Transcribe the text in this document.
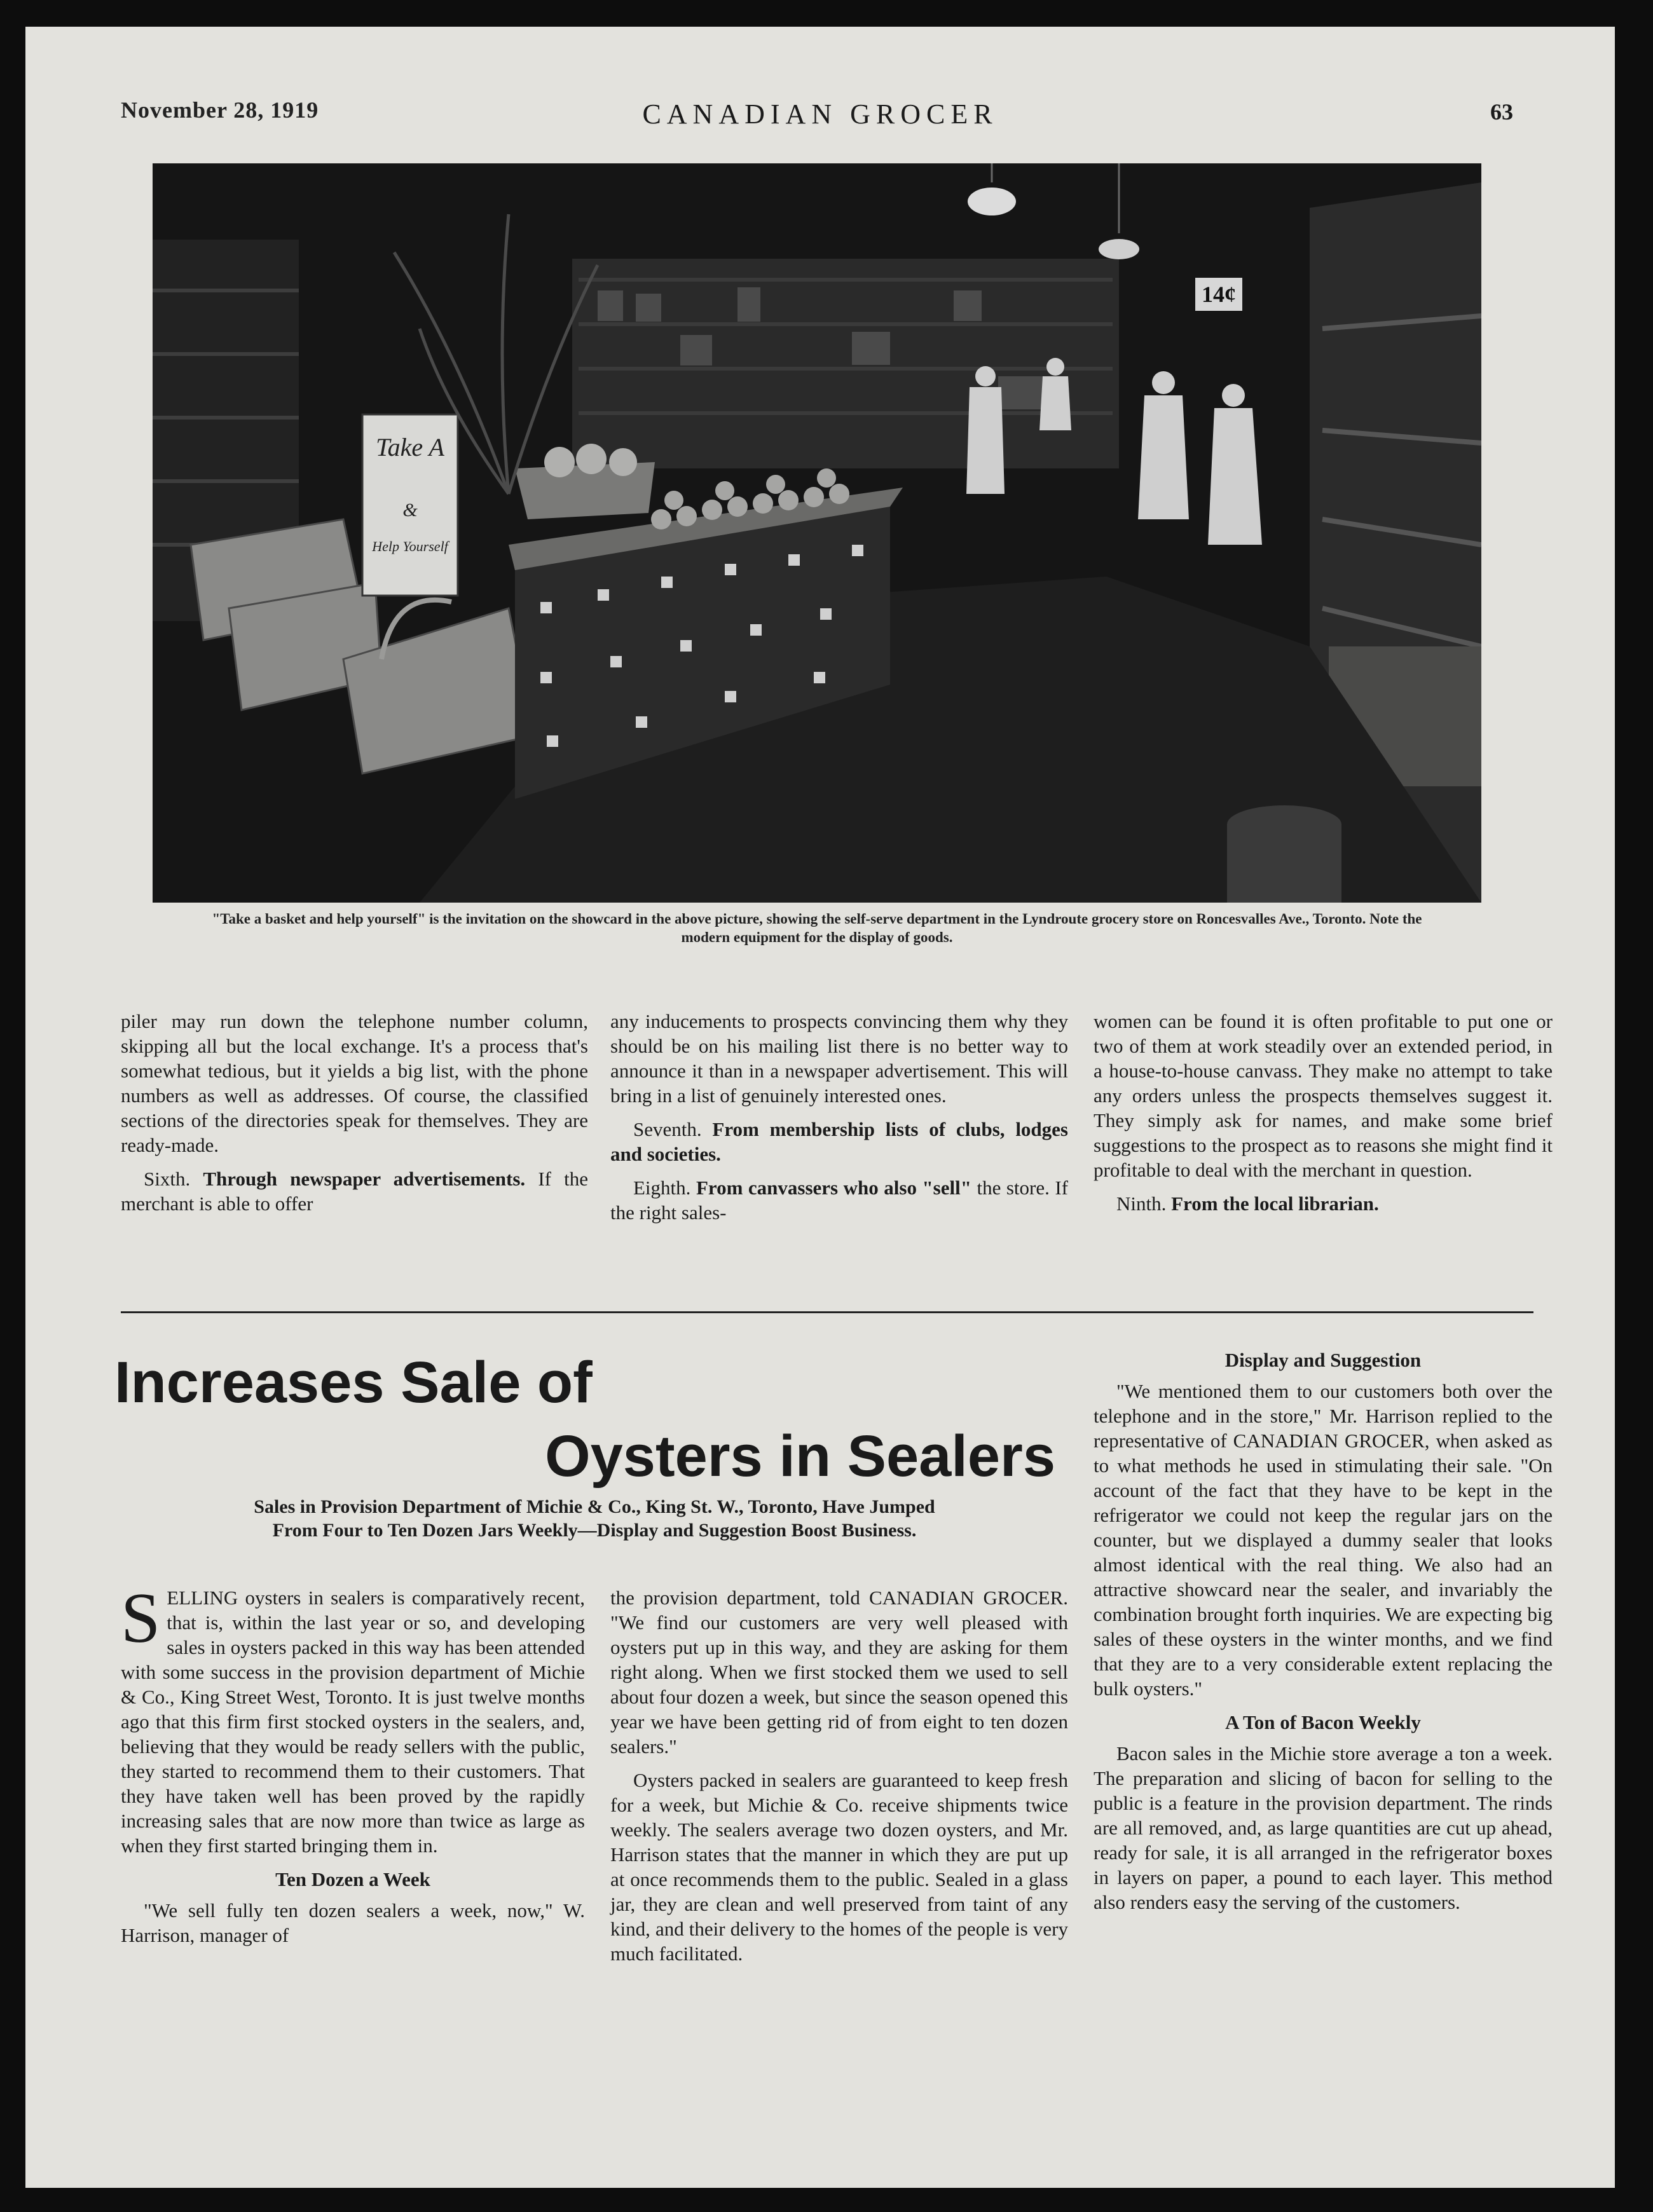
November 28, 1919	CANADIAN GROCER	63
14¢
Take A
&
Help Yourself
"Take a basket and help yourself" is the invitation on the showcard in the above picture, showing the self-serve department in the Lyndroute grocery store on Roncesvalles Ave., Toronto. Note the modern equipment for the display of goods.

piler may run down the telephone number column, skipping all but the local exchange. It's a process that's somewhat tedious, but it yields a big list, with the phone numbers as well as addresses. Of course, the classified sections of the directories speak for themselves. They are ready-made.

Sixth. Through newspaper advertisements. If the merchant is able to offer

any inducements to prospects convincing them why they should be on his mailing list there is no better way to announce it than in a newspaper advertisement. This will bring in a list of genuinely interested ones.

Seventh. From membership lists of clubs, lodges and societies.

Eighth. From canvassers who also "sell" the store. If the right sales-

women can be found it is often profitable to put one or two of them at work steadily over an extended period, in a house-to-house canvass. They make no attempt to take any orders unless the prospects themselves suggest it. They simply ask for names, and make some brief suggestions to the prospect as to reasons she might find it profitable to deal with the merchant in question.

Ninth. From the local librarian.

Increases Sale of
Oysters in Sealers
Sales in Provision Department of Michie & Co., King St. W., Toronto, Have Jumped From Four to Ten Dozen Jars Weekly—Display and Suggestion Boost Business.

SELLING oysters in sealers is comparatively recent, that is, within the last year or so, and developing sales in oysters packed in this way has been attended with some success in the provision department of Michie & Co., King Street West, Toronto. It is just twelve months ago that this firm first stocked oysters in the sealers, and, believing that they would be ready sellers with the public, they started to recommend them to their customers. That they have taken well has been proved by the rapidly increasing sales that are now more than twice as large as when they first started bringing them in.

Ten Dozen a Week

"We sell fully ten dozen sealers a week, now," W. Harrison, manager of

the provision department, told CANADIAN GROCER. "We find our customers are very well pleased with oysters put up in this way, and they are asking for them right along. When we first stocked them we used to sell about four dozen a week, but since the season opened this year we have been getting rid of from eight to ten dozen sealers."

Oysters packed in sealers are guaranteed to keep fresh for a week, but Michie & Co. receive shipments twice weekly. The sealers average two dozen oysters, and Mr. Harrison states that the manner in which they are put up at once recommends them to the public. Sealed in a glass jar, they are clean and well preserved from taint of any kind, and their delivery to the homes of the people is very much facilitated.

Display and Suggestion

"We mentioned them to our customers both over the telephone and in the store," Mr. Harrison replied to the representative of CANADIAN GROCER, when asked as to what methods he used in stimulating their sale. "On account of the fact that they have to be kept in the refrigerator we could not keep the regular jars on the counter, but we displayed a dummy sealer that looks almost identical with the real thing. We also had an attractive showcard near the sealer, and invariably the combination brought forth inquiries. We are expecting big sales of these oysters in the winter months, and we find that they are to a very considerable extent replacing the bulk oysters."

A Ton of Bacon Weekly

Bacon sales in the Michie store average a ton a week. The preparation and slicing of bacon for selling to the public is a feature in the provision department. The rinds are all removed, and, as large quantities are cut up ahead, ready for sale, it is all arranged in the refrigerator boxes in layers on paper, a pound to each layer. This method also renders easy the serving of the customers.
